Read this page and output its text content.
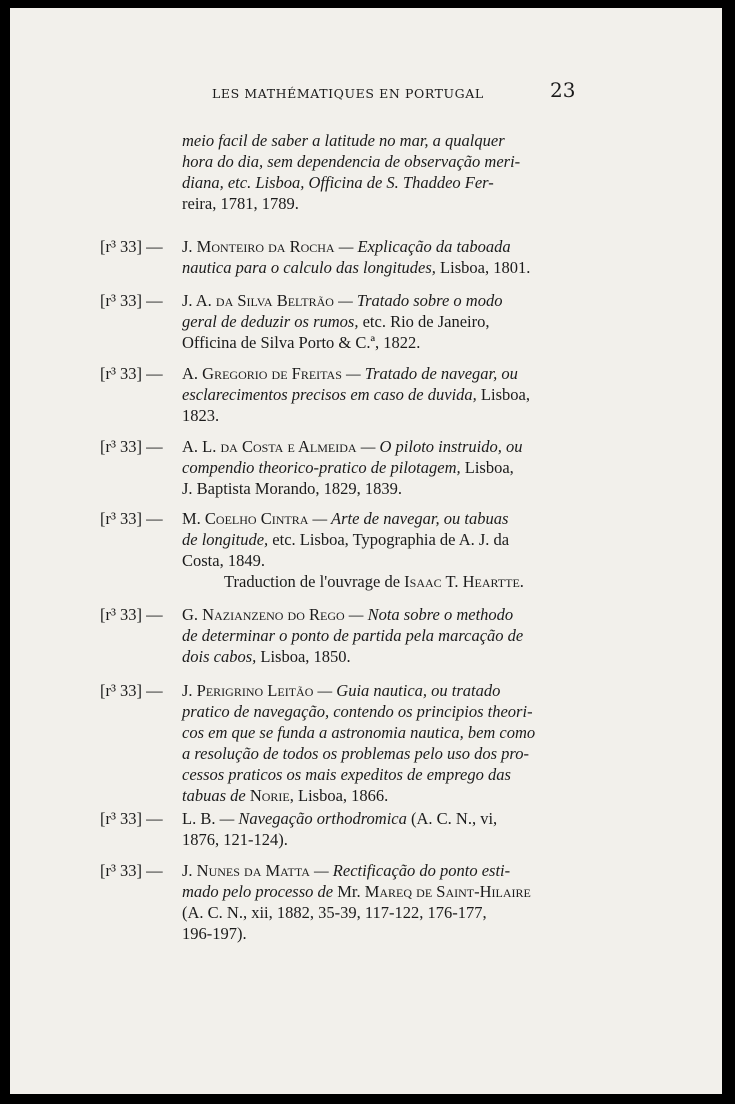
LES MATHÉMATIQUES EN PORTUGAL	23
meio facil de saber a latitude no mar, a qualquer
hora do dia, sem dependencia de observação meri-
diana, etc. Lisboa, Officina de S. Thaddeo Fer-
reira, 1781, 1789.
[r³ 33] —J. Monteiro da Rocha — Explicação da taboada
nautica para o calculo das longitudes, Lisboa, 1801.
[r³ 33] —J. A. da Silva Beltrão — Tratado sobre o modo
geral de deduzir os rumos, etc. Rio de Janeiro,
Officina de Silva Porto & C.ª, 1822.
[r³ 33] —A. Gregorio de Freitas — Tratado de navegar, ou
esclarecimentos precisos em caso de duvida, Lisboa,
1823.
[r³ 33] —A. L. da Costa e Almeida — O piloto instruido, ou
compendio theorico-pratico de pilotagem, Lisboa,
J. Baptista Morando, 1829, 1839.
[r³ 33] —M. Coelho Cintra — Arte de navegar, ou tabuas
de longitude, etc. Lisboa, Typographia de A. J. da
Costa, 1849.
Traduction de l'ouvrage de Isaac T. Heartte.
[r³ 33] —G. Nazianzeno do Rego — Nota sobre o methodo
de determinar o ponto de partida pela marcação de
dois cabos, Lisboa, 1850.
[r³ 33] —J. Perigrino Leitão — Guia nautica, ou tratado
pratico de navegação, contendo os principios theori-
cos em que se funda a astronomia nautica, bem como
a resolução de todos os problemas pelo uso dos pro-
cessos praticos os mais expeditos de emprego das
tabuas de Norie, Lisboa, 1866.
[r³ 33] —L. B. — Navegação orthodromica (A. C. N., vi,
1876, 121-124).
[r³ 33] —J. Nunes da Matta — Rectificação do ponto esti-
mado pelo processo de Mr. Mareq de Saint-Hilaire
(A. C. N., xii, 1882, 35-39, 117-122, 176-177,
196-197).
